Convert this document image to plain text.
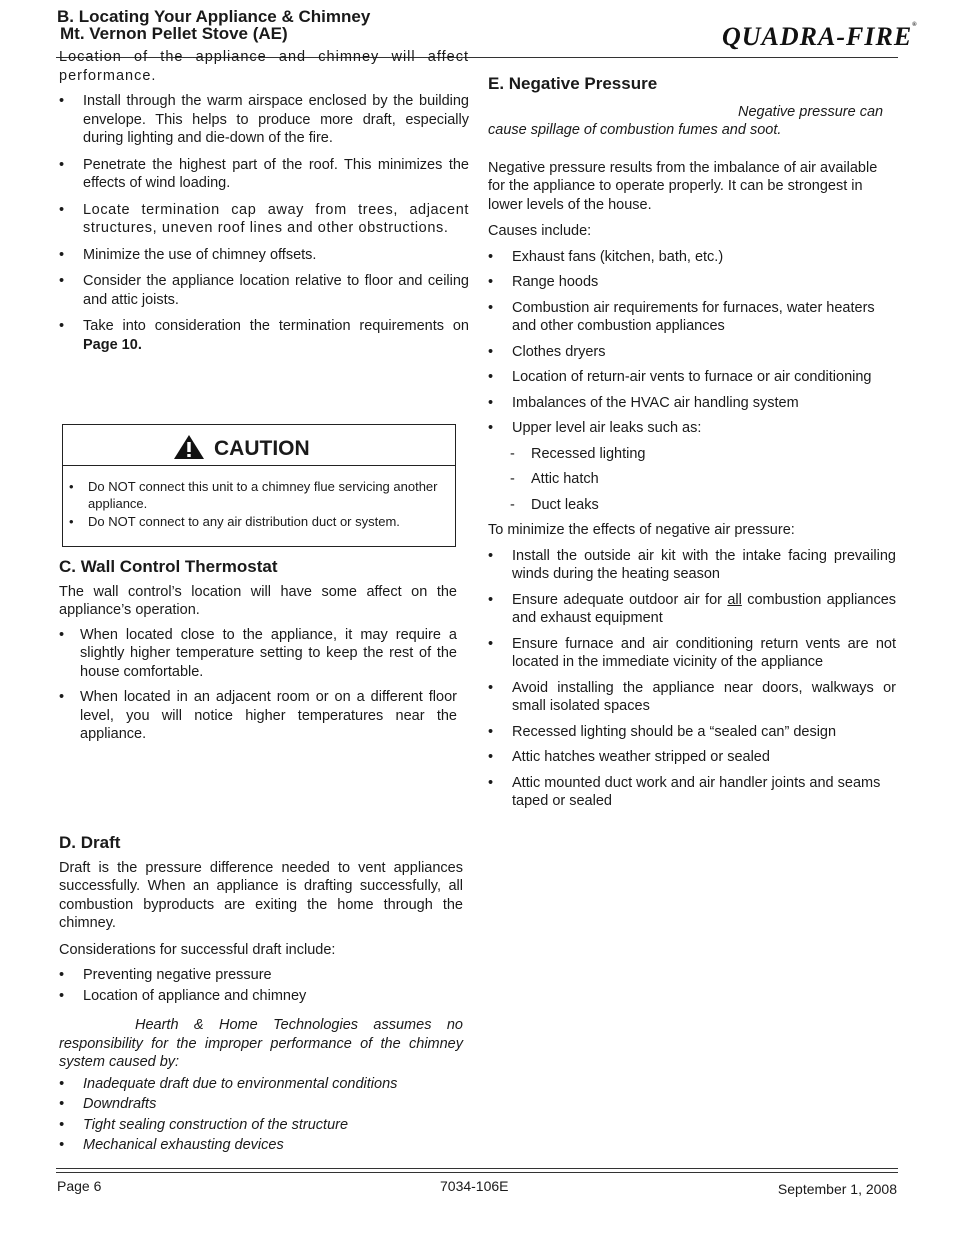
Mt. Vernon Pellet Stove (AE)	QUADRA-FIRE®
B. Locating Your Appliance & Chimney

Location of the appliance and chimney will affect performance.

• Install through the warm airspace enclosed by the building envelope. This helps to produce more draft, especially during lighting and die-down of the fire.
• Penetrate the highest part of the roof. This minimizes the effects of wind loading.
• Locate termination cap away from trees, adjacent structures, uneven roof lines and other obstructions.
• Minimize the use of chimney offsets.
• Consider the appliance location relative to floor and ceiling and attic joists.
• Take into consideration the termination requirements on Page 10.
CAUTION
• Do NOT connect this unit to a chimney flue servicing another appliance.
• Do NOT connect to any air distribution duct or system.
C. Wall Control Thermostat

The wall control’s location will have some affect on the appliance’s operation.

• When located close to the appliance, it may require a slightly higher temperature setting to keep the rest of the house comfortable.
• When located in an adjacent room or on a different floor level, you will notice higher temperatures near the appliance.
D. Draft

Draft is the pressure difference needed to vent appliances successfully. When an appliance is drafting successfully, all combustion byproducts are exiting the home through the chimney.

Considerations for successful draft include:

• Preventing negative pressure
• Location of appliance and chimney

Hearth & Home Technologies assumes no responsibility for the improper performance of the chimney system caused by:

• Inadequate draft due to environmental conditions
• Downdrafts
• Tight sealing construction of the structure
• Mechanical exhausting devices
E. Negative Pressure

Negative pressure can cause spillage of combustion fumes and soot.

Negative pressure results from the imbalance of air available for the appliance to operate properly. It can be strongest in lower levels of the house.

Causes include:

• Exhaust fans (kitchen, bath, etc.)
• Range hoods
• Combustion air requirements for furnaces, water heaters and other combustion appliances
• Clothes dryers
• Location of return-air vents to furnace or air conditioning
• Imbalances of the HVAC air handling system
• Upper level air leaks such as:
- Recessed lighting
- Attic hatch
- Duct leaks

To minimize the effects of negative air pressure:

• Install the outside air kit with the intake facing prevailing winds during the heating season
• Ensure adequate outdoor air for all combustion appliances and exhaust equipment
• Ensure furnace and air conditioning return vents are not located in the immediate vicinity of the appliance
• Avoid installing the appliance near doors, walkways or small isolated spaces
• Recessed lighting should be a “sealed can” design
• Attic hatches weather stripped or sealed
• Attic mounted duct work and air handler joints and seams taped or sealed
Page 6	7034-106E	September 1, 2008
